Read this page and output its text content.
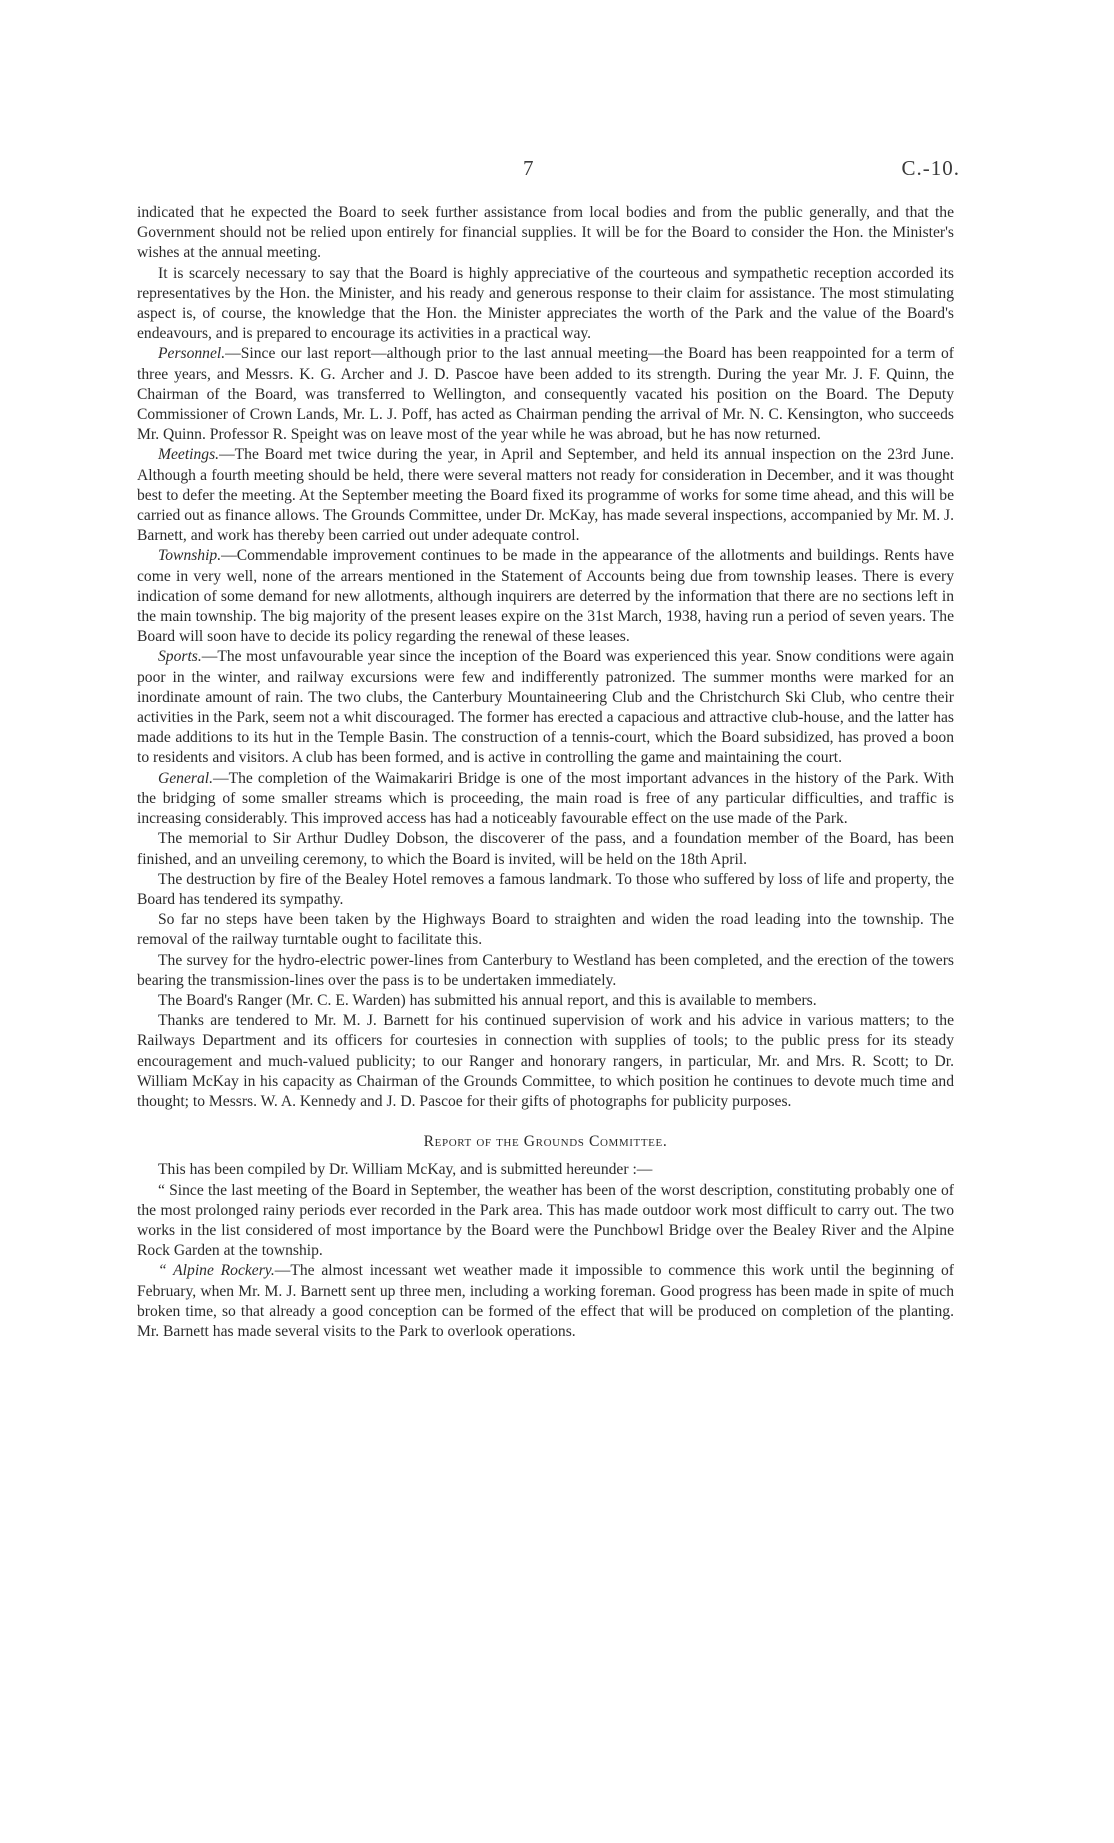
7	C.-10.

indicated that he expected the Board to seek further assistance from local bodies and from the public generally, and that the Government should not be relied upon entirely for financial supplies. It will be for the Board to consider the Hon. the Minister's wishes at the annual meeting.

It is scarcely necessary to say that the Board is highly appreciative of the courteous and sympathetic reception accorded its representatives by the Hon. the Minister, and his ready and generous response to their claim for assistance. The most stimulating aspect is, of course, the knowledge that the Hon. the Minister appreciates the worth of the Park and the value of the Board's endeavours, and is prepared to encourage its activities in a practical way.

Personnel.—Since our last report—although prior to the last annual meeting—the Board has been reappointed for a term of three years, and Messrs. K. G. Archer and J. D. Pascoe have been added to its strength. During the year Mr. J. F. Quinn, the Chairman of the Board, was transferred to Wellington, and consequently vacated his position on the Board. The Deputy Commissioner of Crown Lands, Mr. L. J. Poff, has acted as Chairman pending the arrival of Mr. N. C. Kensington, who succeeds Mr. Quinn. Professor R. Speight was on leave most of the year while he was abroad, but he has now returned.

Meetings.—The Board met twice during the year, in April and September, and held its annual inspection on the 23rd June. Although a fourth meeting should be held, there were several matters not ready for consideration in December, and it was thought best to defer the meeting. At the September meeting the Board fixed its programme of works for some time ahead, and this will be carried out as finance allows. The Grounds Committee, under Dr. McKay, has made several inspections, accompanied by Mr. M. J. Barnett, and work has thereby been carried out under adequate control.

Township.—Commendable improvement continues to be made in the appearance of the allotments and buildings. Rents have come in very well, none of the arrears mentioned in the Statement of Accounts being due from township leases. There is every indication of some demand for new allotments, although inquirers are deterred by the information that there are no sections left in the main township. The big majority of the present leases expire on the 31st March, 1938, having run a period of seven years. The Board will soon have to decide its policy regarding the renewal of these leases.

Sports.—The most unfavourable year since the inception of the Board was experienced this year. Snow conditions were again poor in the winter, and railway excursions were few and indifferently patronized. The summer months were marked for an inordinate amount of rain. The two clubs, the Canterbury Mountaineering Club and the Christchurch Ski Club, who centre their activities in the Park, seem not a whit discouraged. The former has erected a capacious and attractive club-house, and the latter has made additions to its hut in the Temple Basin. The construction of a tennis-court, which the Board subsidized, has proved a boon to residents and visitors. A club has been formed, and is active in controlling the game and maintaining the court.

General.—The completion of the Waimakariri Bridge is one of the most important advances in the history of the Park. With the bridging of some smaller streams which is proceeding, the main road is free of any particular difficulties, and traffic is increasing considerably. This improved access has had a noticeably favourable effect on the use made of the Park.

The memorial to Sir Arthur Dudley Dobson, the discoverer of the pass, and a foundation member of the Board, has been finished, and an unveiling ceremony, to which the Board is invited, will be held on the 18th April.

The destruction by fire of the Bealey Hotel removes a famous landmark. To those who suffered by loss of life and property, the Board has tendered its sympathy.

So far no steps have been taken by the Highways Board to straighten and widen the road leading into the township. The removal of the railway turntable ought to facilitate this.

The survey for the hydro-electric power-lines from Canterbury to Westland has been completed, and the erection of the towers bearing the transmission-lines over the pass is to be undertaken immediately.

The Board's Ranger (Mr. C. E. Warden) has submitted his annual report, and this is available to members.

Thanks are tendered to Mr. M. J. Barnett for his continued supervision of work and his advice in various matters; to the Railways Department and its officers for courtesies in connection with supplies of tools; to the public press for its steady encouragement and much-valued publicity; to our Ranger and honorary rangers, in particular, Mr. and Mrs. R. Scott; to Dr. William McKay in his capacity as Chairman of the Grounds Committee, to which position he continues to devote much time and thought; to Messrs. W. A. Kennedy and J. D. Pascoe for their gifts of photographs for publicity purposes.

Report of the Grounds Committee.

This has been compiled by Dr. William McKay, and is submitted hereunder :—

“ Since the last meeting of the Board in September, the weather has been of the worst description, constituting probably one of the most prolonged rainy periods ever recorded in the Park area. This has made outdoor work most difficult to carry out. The two works in the list considered of most importance by the Board were the Punchbowl Bridge over the Bealey River and the Alpine Rock Garden at the township.

“ Alpine Rockery.—The almost incessant wet weather made it impossible to commence this work until the beginning of February, when Mr. M. J. Barnett sent up three men, including a working foreman. Good progress has been made in spite of much broken time, so that already a good conception can be formed of the effect that will be produced on completion of the planting. Mr. Barnett has made several visits to the Park to overlook operations.
